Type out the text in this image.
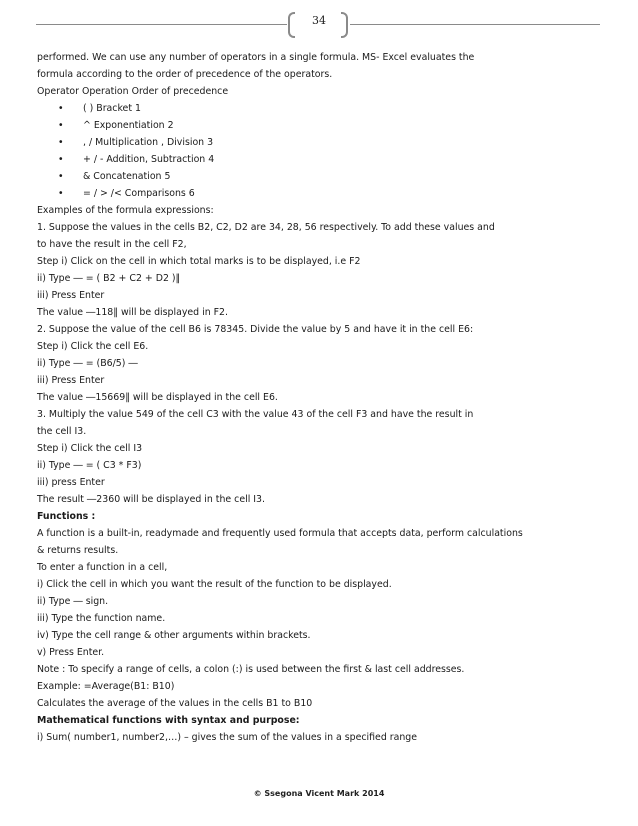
34
performed. We can use any number of operators in a single formula. MS- Excel evaluates the
formula according to the order of precedence of the operators.
Operator Operation Order of precedence
• ( ) Bracket 1
• ^ Exponentiation 2
• , / Multiplication , Division 3
• + / - Addition, Subtraction 4
• & Concatenation 5
• = / > /< Comparisons 6
Examples of the formula expressions:
1. Suppose the values in the cells B2, C2, D2 are 34, 28, 56 respectively. To add these values and
to have the result in the cell F2,
Step i) Click on the cell in which total marks is to be displayed, i.e F2
ii) Type ― = ( B2 + C2 + D2 )‖
iii) Press Enter
The value ―118‖ will be displayed in F2.
2. Suppose the value of the cell B6 is 78345. Divide the value by 5 and have it in the cell E6:
Step i) Click the cell E6.
ii) Type ― = (B6/5) ―
iii) Press Enter
The value ―15669‖ will be displayed in the cell E6.
3. Multiply the value 549 of the cell C3 with the value 43 of the cell F3 and have the result in
the cell I3.
Step i) Click the cell I3
ii) Type ― = ( C3 * F3)
iii) press Enter
The result ―2360 will be displayed in the cell I3.
Functions :
A function is a built-in, readymade and frequently used formula that accepts data, perform calculations
& returns results.
To enter a function in a cell,
i) Click the cell in which you want the result of the function to be displayed.
ii) Type ― sign.
iii) Type the function name.
iv) Type the cell range & other arguments within brackets.
v) Press Enter.
Note : To specify a range of cells, a colon (:) is used between the first & last cell addresses.
Example: =Average(B1: B10)
Calculates the average of the values in the cells B1 to B10
Mathematical functions with syntax and purpose:
i) Sum( number1, number2,…) – gives the sum of the values in a specified range
© Ssegona Vicent Mark 2014
